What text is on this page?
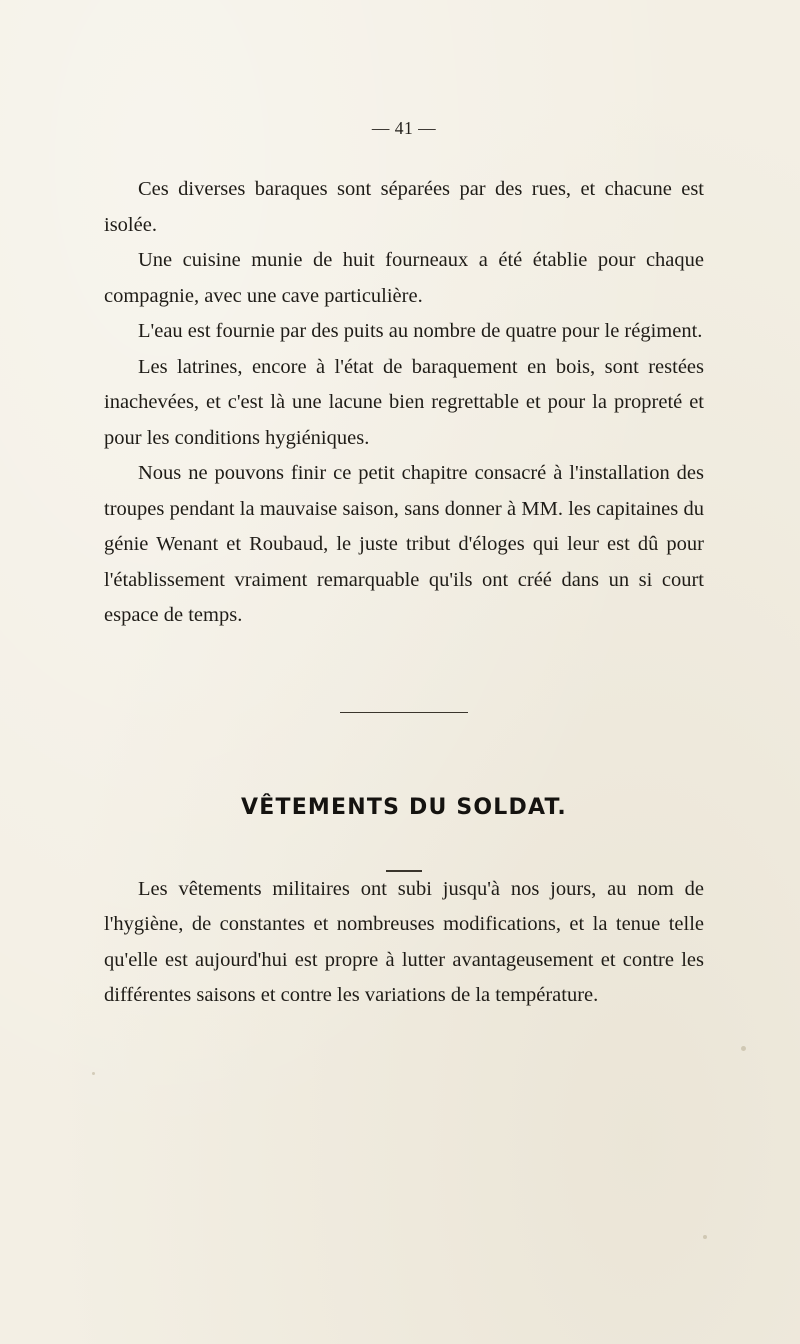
— 41 —

Ces diverses baraques sont séparées par des rues, et chacune est isolée.

Une cuisine munie de huit fourneaux a été établie pour chaque compagnie, avec une cave particulière.

L'eau est fournie par des puits au nombre de quatre pour le régiment.

Les latrines, encore à l'état de baraquement en bois, sont restées inachevées, et c'est là une lacune bien regrettable et pour la propreté et pour les conditions hygiéniques.

Nous ne pouvons finir ce petit chapitre consacré à l'installation des troupes pendant la mauvaise saison, sans donner à MM. les capitaines du génie Wenant et Roubaud, le juste tribut d'éloges qui leur est dû pour l'établissement vraiment remarquable qu'ils ont créé dans un si court espace de temps.

VÊTEMENTS DU SOLDAT.

Les vêtements militaires ont subi jusqu'à nos jours, au nom de l'hygiène, de constantes et nombreuses modifications, et la tenue telle qu'elle est aujourd'hui est propre à lutter avantageusement et contre les différentes saisons et contre les variations de la température.
